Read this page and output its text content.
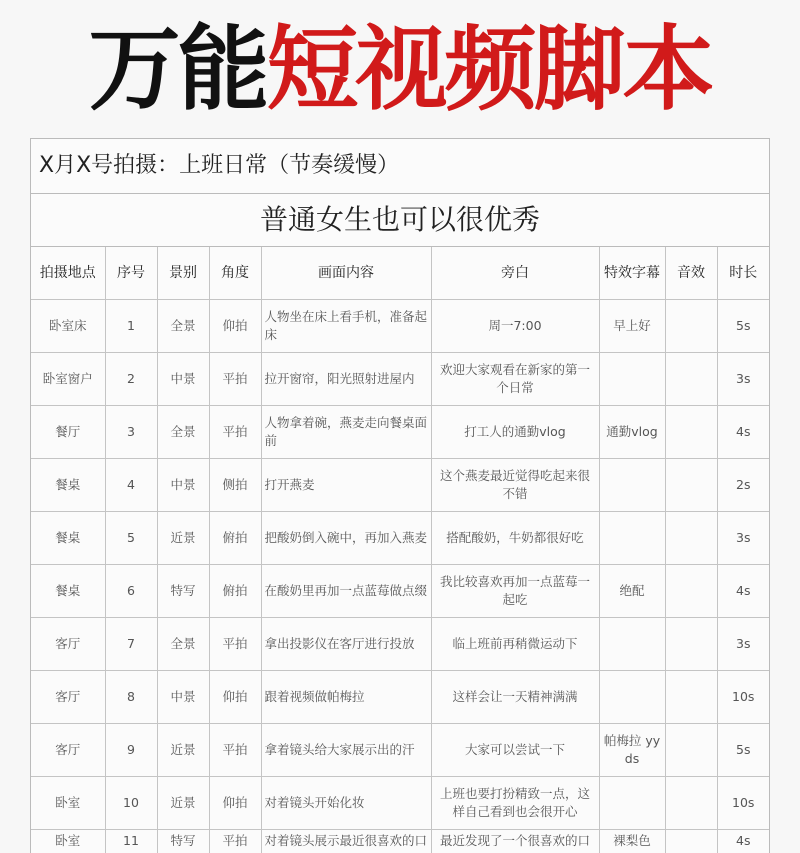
万能短视频脚本
X月X号拍摄：上班日常（节奏缓慢）
普通女生也可以很优秀
拍摄地点	序号	景别	角度	画面内容	旁白	特效字幕	音效	时长
卧室床	1	全景	仰拍	人物坐在床上看手机，准备起床	周一7:00	早上好		5s
卧室窗户	2	中景	平拍	拉开窗帘，阳光照射进屋内	欢迎大家观看在新家的第一个日常			3s
餐厅	3	全景	平拍	人物拿着碗，燕麦走向餐桌面前	打工人的通勤vlog	通勤vlog		4s
餐桌	4	中景	侧拍	打开燕麦	这个燕麦最近觉得吃起来很不错			2s
餐桌	5	近景	俯拍	把酸奶倒入碗中，再加入燕麦	搭配酸奶，牛奶都很好吃			3s
餐桌	6	特写	俯拍	在酸奶里再加一点蓝莓做点缀	我比较喜欢再加一点蓝莓一起吃	绝配		4s
客厅	7	全景	平拍	拿出投影仪在客厅进行投放	临上班前再稍微运动下			3s
客厅	8	中景	仰拍	跟着视频做帕梅拉	这样会让一天精神满满			10s
客厅	9	近景	平拍	拿着镜头给大家展示出的汗	大家可以尝试一下	帕梅拉 yyds		5s
卧室	10	近景	仰拍	对着镜头开始化妆	上班也要打扮精致一点，这样自己看到也会很开心			10s
卧室	11	特写	平拍	对着镜头展示最近很喜欢的口	最近发现了一个很喜欢的口	裸梨色		4s
